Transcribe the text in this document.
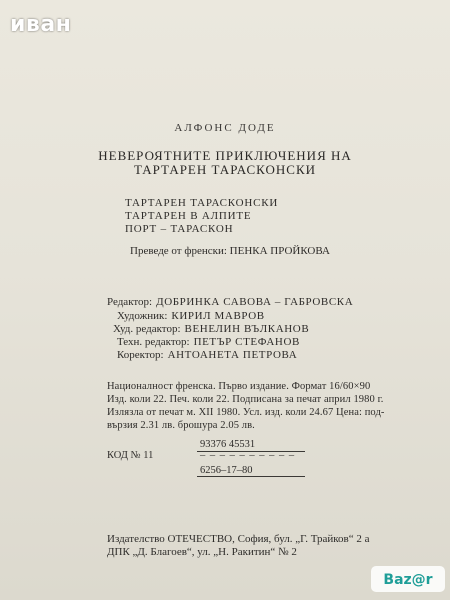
иван
АЛФОНС ДОДЕ
НЕВЕРОЯТНИТЕ ПРИКЛЮЧЕНИЯ НА
ТАРТАРЕН ТАРАСКОНСКИ
ТАРТАРЕН ТАРАСКОНСКИ
ТАРТАРЕН В АЛПИТЕ
ПОРТ – ТАРАСКОН
Преведе от френски: ПЕНКА ПРОЙКОВА
Редактор: ДОБРИНКА САВОВА – ГАБРОВСКА
Художник: КИРИЛ МАВРОВ
Худ. редактор: ВЕНЕЛИН ВЪЛКАНОВ
Техн. редактор: ПЕТЪР СТЕФАНОВ
Коректор: АНТОАНЕТА ПЕТРОВА
Националност френска. Първо издание. Формат 16/60×90
Изд. коли 22. Печ. коли 22. Подписана за печат април 1980 г.
Излязла от печат м. XII 1980. Усл. изд. коли 24.67 Цена: под-
вързия 2.31 лв. брошура 2.05 лв.
93376 45531
КОД № 11	– – – – – – – – – –
6256–17–80
Издателство ОТЕЧЕСТВО, София, бул. „Г. Трайков“ 2 а
ДПК „Д. Благоев“, ул. „Н. Ракитин“ № 2
Baz@r
